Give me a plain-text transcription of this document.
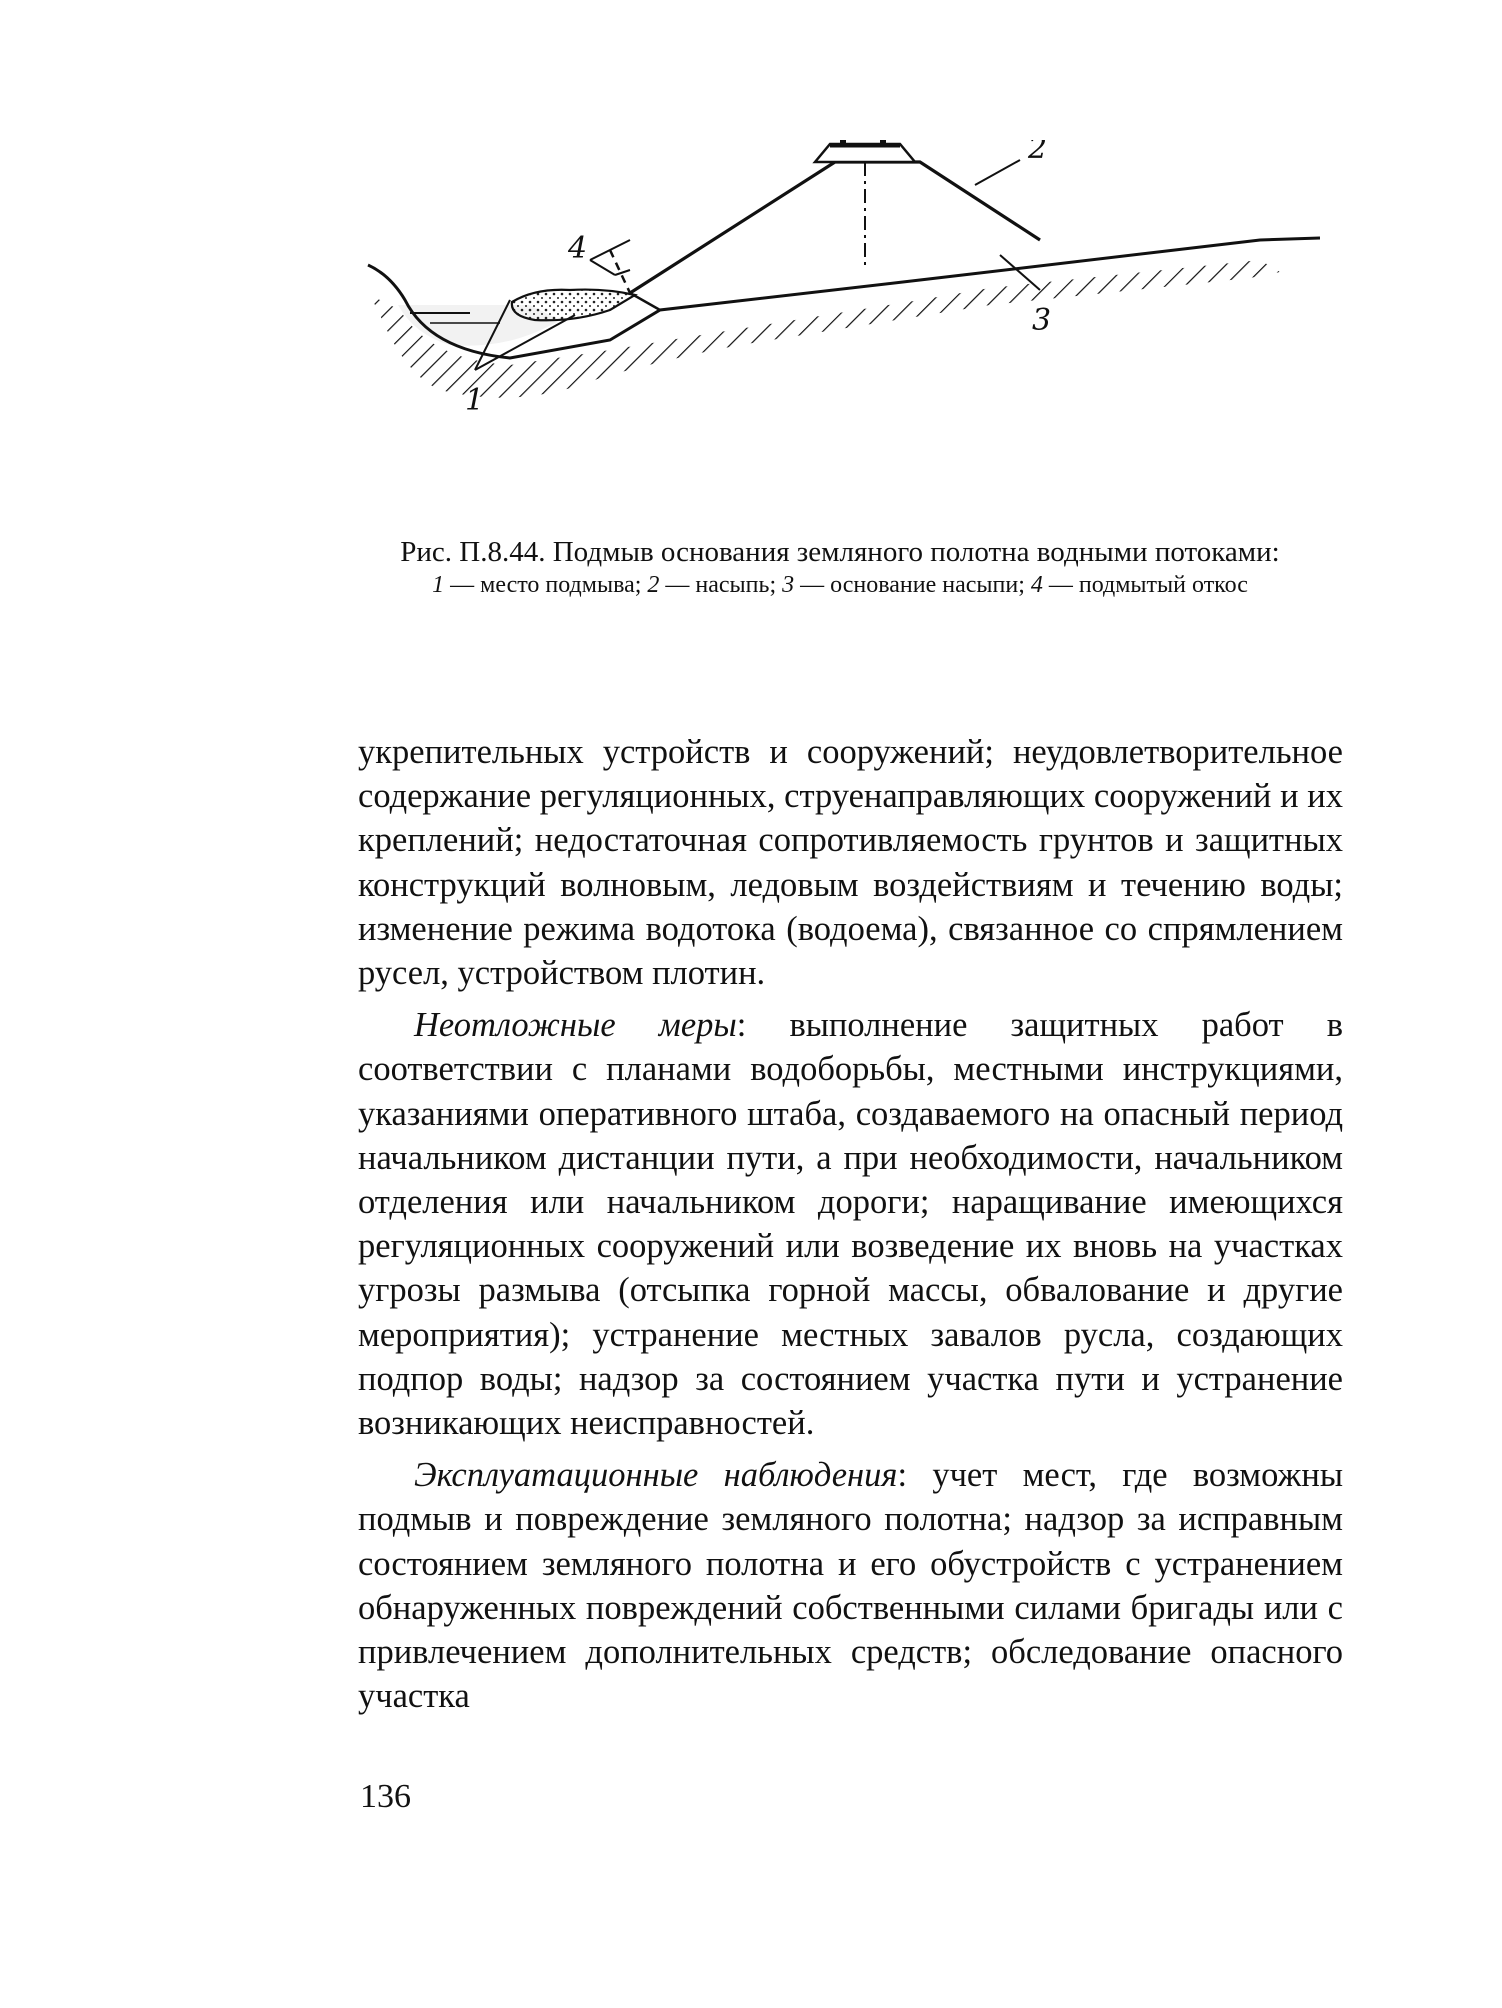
1
2
3
4
Рис. П.8.44. Подмыв основания земляного полотна водными потоками:
1 — место подмыва; 2 — насыпь; 3 — основание насыпи; 4 — подмытый откос

укрепительных устройств и сооружений; неудовлетворительное содержание регуляционных, струенаправляющих сооружений и их креплений; недостаточная сопротивляемость грунтов и защитных конструкций волновым, ледовым воздействиям и течению воды; изменение режима водотока (водоема), связанное со спрямлением русел, устройством плотин.

Неотложные меры: выполнение защитных работ в соответствии с планами водоборьбы, местными инструкциями, указаниями оперативного штаба, создаваемого на опасный период начальником дистанции пути, а при необходимости, начальником отделения или начальником дороги; наращивание имеющихся регуляционных сооружений или возведение их вновь на участках угрозы размыва (отсыпка горной массы, обвалование и другие мероприятия); устранение местных завалов русла, создающих подпор воды; надзор за состоянием участка пути и устранение возникающих неисправностей.

Эксплуатационные наблюдения: учет мест, где возможны подмыв и повреждение земляного полотна; надзор за исправным состоянием земляного полотна и его обустройств с устранением обнаруженных повреждений собственными силами бригады или с привлечением дополнительных средств; обследование опасного участка

136
